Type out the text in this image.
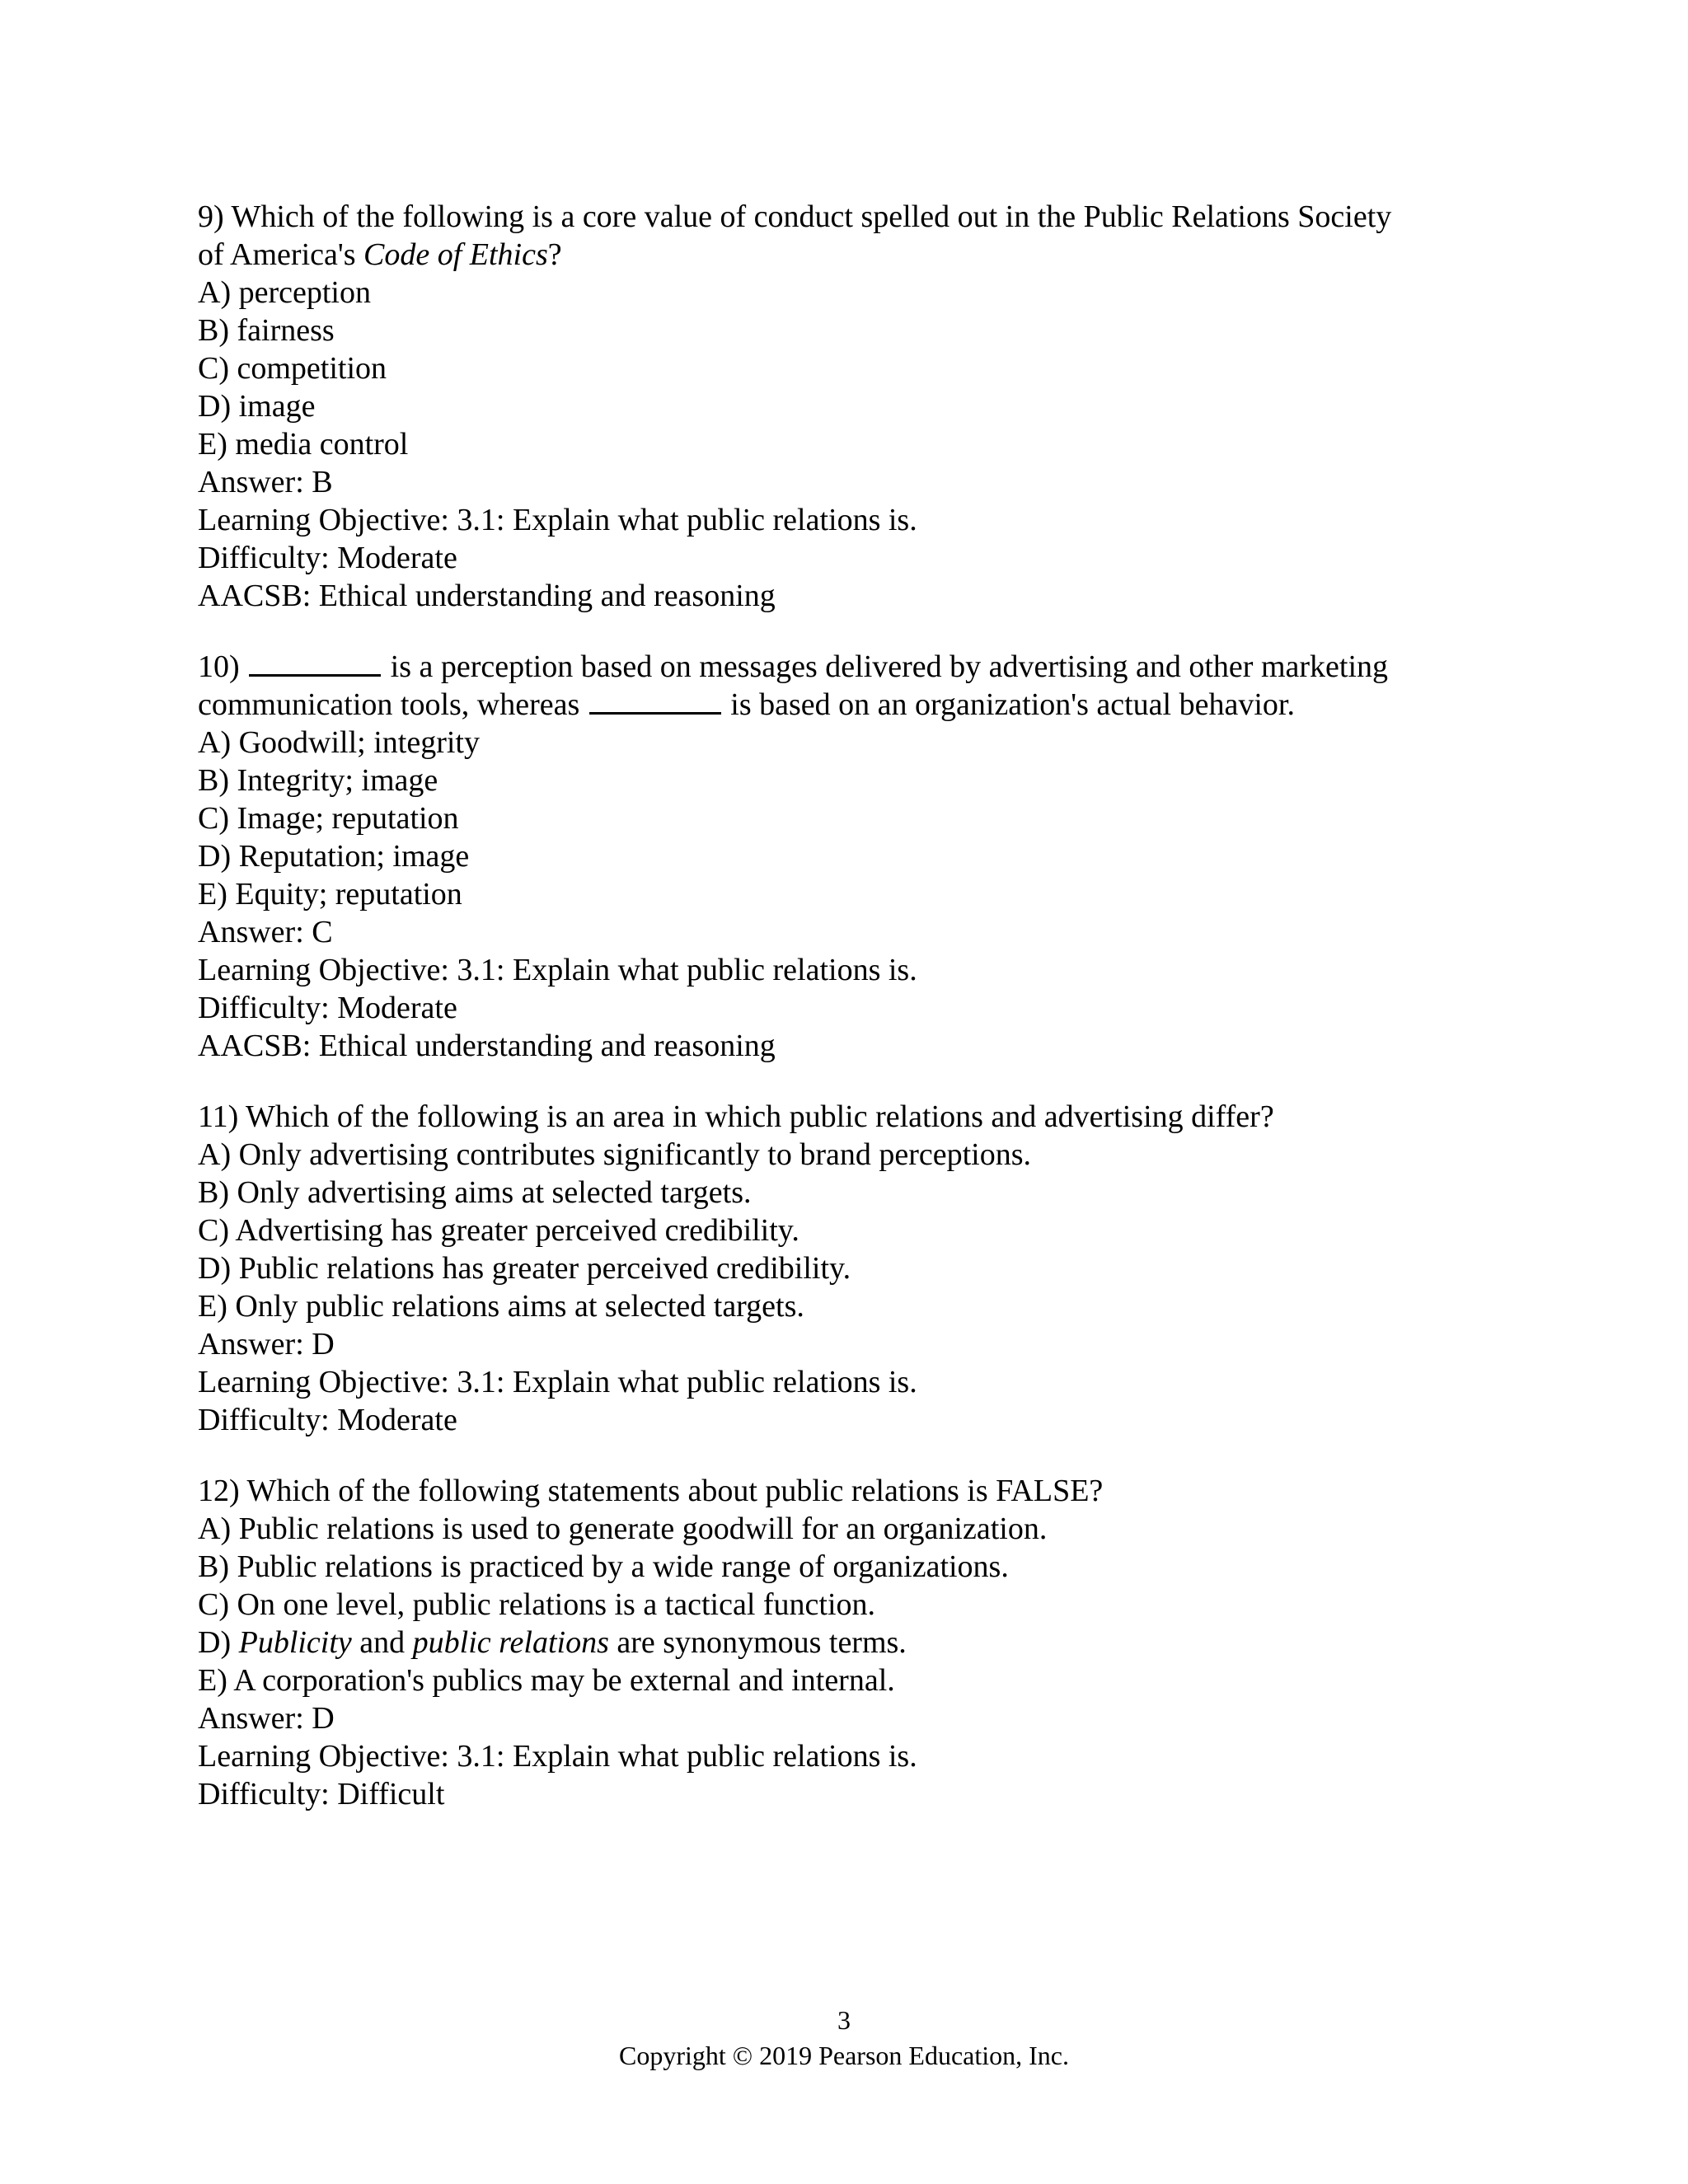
9) Which of the following is a core value of conduct spelled out in the Public Relations Society
of America's Code of Ethics?
A) perception
B) fairness
C) competition
D) image
E) media control
Answer: B
Learning Objective: 3.1: Explain what public relations is.
Difficulty: Moderate
AACSB: Ethical understanding and reasoning
10)	is a perception based on messages delivered by advertising and other marketing
communication tools, whereas	is based on an organization's actual behavior.
A) Goodwill; integrity
B) Integrity; image
C) Image; reputation
D) Reputation; image
E) Equity; reputation
Answer: C
Learning Objective: 3.1: Explain what public relations is.
Difficulty: Moderate
AACSB: Ethical understanding and reasoning
11) Which of the following is an area in which public relations and advertising differ?
A) Only advertising contributes significantly to brand perceptions.
B) Only advertising aims at selected targets.
C) Advertising has greater perceived credibility.
D) Public relations has greater perceived credibility.
E) Only public relations aims at selected targets.
Answer: D
Learning Objective: 3.1: Explain what public relations is.
Difficulty: Moderate
12) Which of the following statements about public relations is FALSE?
A) Public relations is used to generate goodwill for an organization.
B) Public relations is practiced by a wide range of organizations.
C) On one level, public relations is a tactical function.
D) Publicity and public relations are synonymous terms.
E) A corporation's publics may be external and internal.
Answer: D
Learning Objective: 3.1: Explain what public relations is.
Difficulty: Difficult
3
Copyright © 2019 Pearson Education, Inc.
